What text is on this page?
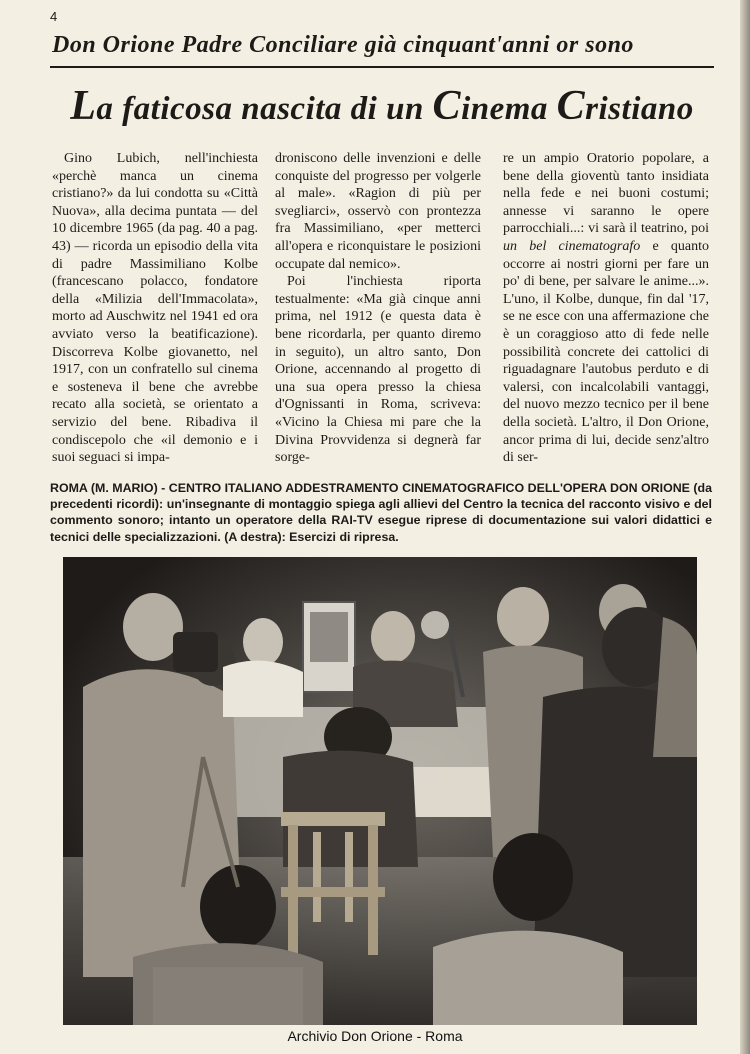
4
Don Orione Padre Conciliare già cinquant'anni or sono
La faticosa nascita di un Cinema Cristiano

Gino Lubich, nell'inchiesta «perchè manca un cinema cristiano?» da lui condotta su «Città Nuova», alla decima puntata — del 10 dicembre 1965 (da pag. 40 a pag. 43) — ricorda un episodio della vita di padre Massimiliano Kolbe (francescano polacco, fondatore della «Milizia dell'Immacolata», morto ad Auschwitz nel 1941 ed ora avviato verso la beatificazione). Discorreva Kolbe giovanetto, nel 1917, con un confratello sul cinema e sosteneva il bene che avrebbe recato alla società, se orientato a servizio del bene. Ribadiva il condiscepolo che «il demonio e i suoi seguaci si impa-

droniscono delle invenzioni e delle conquiste del progresso per volgerle al male». «Ragion di più per svegliarci», osservò con prontezza fra Massimiliano, «per metterci all'opera e riconquistare le posizioni occupate dal nemico».

Poi l'inchiesta riporta testualmente: «Ma già cinque anni prima, nel 1912 (e questa data è bene ricordarla, per quanto diremo in seguito), un altro santo, Don Orione, accennando al progetto di una sua opera presso la chiesa d'Ognissanti in Roma, scriveva: «Vicino la Chiesa mi pare che la Divina Provvidenza si degnerà far sorge-

re un ampio Oratorio popolare, a bene della gioventù tanto insidiata nella fede e nei buoni costumi; annesse vi saranno le opere parrocchiali...: vi sarà il teatrino, poi un bel cinematografo e quanto occorre ai nostri giorni per fare un po' di bene, per salvare le anime...». L'uno, il Kolbe, dunque, fin dal '17, se ne esce con una affermazione che è un coraggioso atto di fede nelle possibilità concrete dei cattolici di riguadagnare l'autobus perduto e di valersi, con incalcolabili vantaggi, del nuovo mezzo tecnico per il bene della società. L'altro, il Don Orione, ancor prima di lui, decide senz'altro di ser-

ROMA (M. MARIO) - CENTRO ITALIANO ADDESTRAMENTO CINEMATOGRAFICO DELL'OPERA DON ORIONE (da precedenti ricordi): un'insegnante di montaggio spiega agli allievi del Centro la tecnica del racconto visivo e del commento sonoro; intanto un operatore della RAI-TV esegue riprese di documentazione sui valori didattici e tecnici delle specializzazioni. (A destra): Esercizi di ripresa.
Archivio Don Orione - Roma
